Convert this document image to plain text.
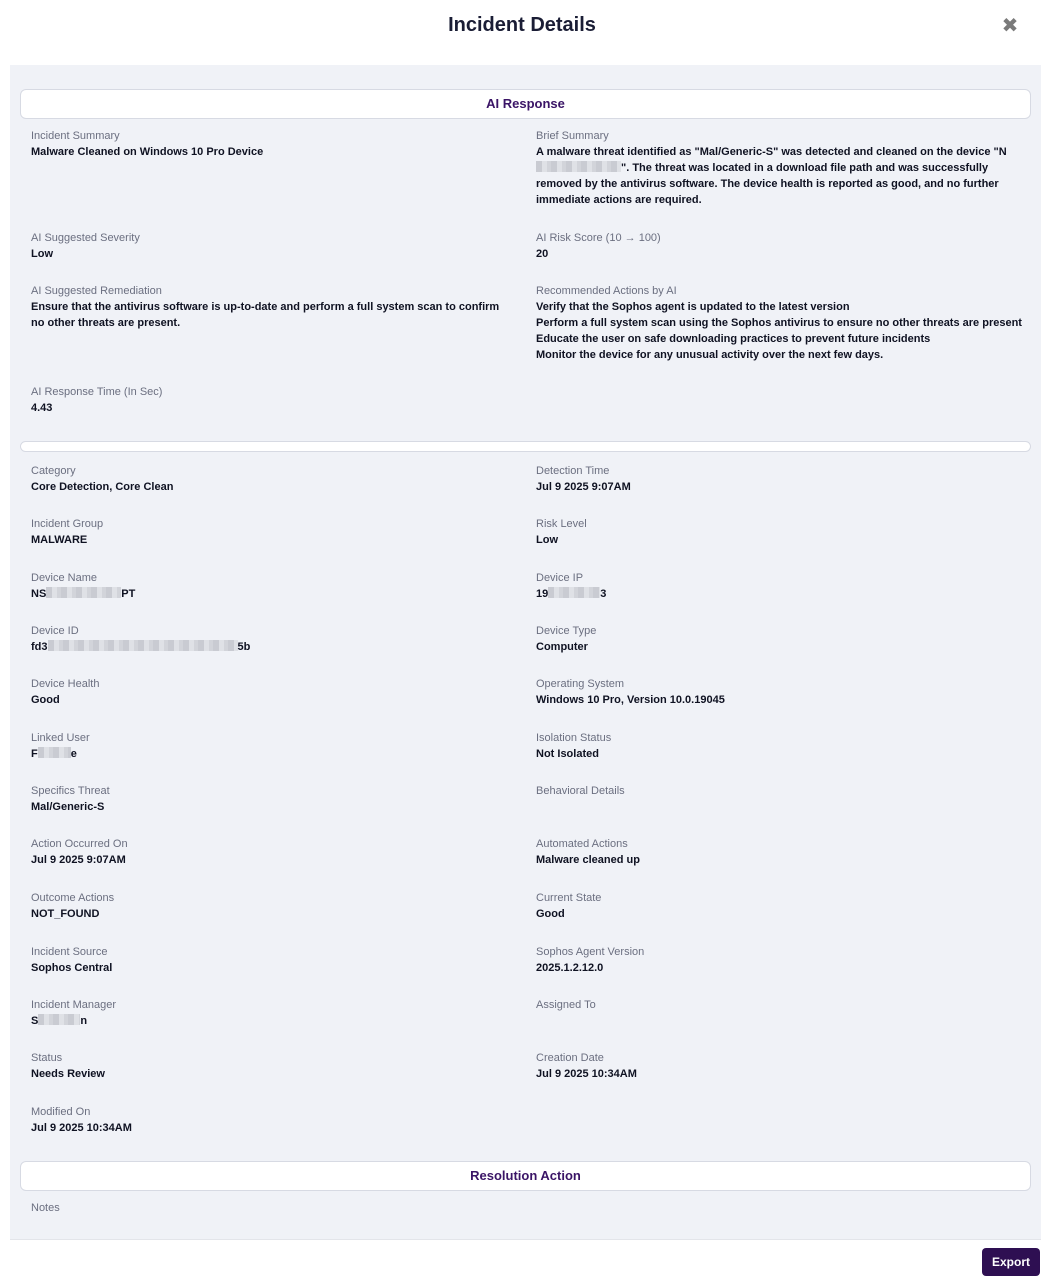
Incident Details	✖
AI Response
Incident Summary
Malware Cleaned on Windows 10 Pro Device
Brief Summary
A malware threat identified as "Mal/Generic-S" was detected and cleaned on the device "N". The threat was located in a download file path and was successfully removed by the antivirus software. The device health is reported as good, and no further immediate actions are required.
AI Suggested Severity
Low
AI Risk Score (10 → 100)
20
AI Suggested Remediation
Ensure that the antivirus software is up-to-date and perform a full system scan to confirm no other threats are present.
Recommended Actions by AI
Verify that the Sophos agent is updated to the latest version
Perform a full system scan using the Sophos antivirus to ensure no other threats are present
Educate the user on safe downloading practices to prevent future incidents
Monitor the device for any unusual activity over the next few days.
AI Response Time (In Sec)
4.43
Category
Core Detection, Core Clean
Detection Time
Jul 9 2025 9:07AM
Incident Group
MALWARE
Risk Level
Low
Device Name
NS	PT
Device IP
19	3
Device ID
fd3	5b
Device Type
Computer
Device Health
Good
Operating System
Windows 10 Pro, Version 10.0.19045
Linked User
F	e
Isolation Status
Not Isolated
Specifics Threat
Mal/Generic-S
Behavioral Details
Action Occurred On
Jul 9 2025 9:07AM
Automated Actions
Malware cleaned up
Outcome Actions
NOT_FOUND
Current State
Good
Incident Source
Sophos Central
Sophos Agent Version
2025.1.2.12.0
Incident Manager
S	n
Assigned To
Status
Needs Review
Creation Date
Jul 9 2025 10:34AM
Modified On
Jul 9 2025 10:34AM
Resolution Action
Notes
Export
